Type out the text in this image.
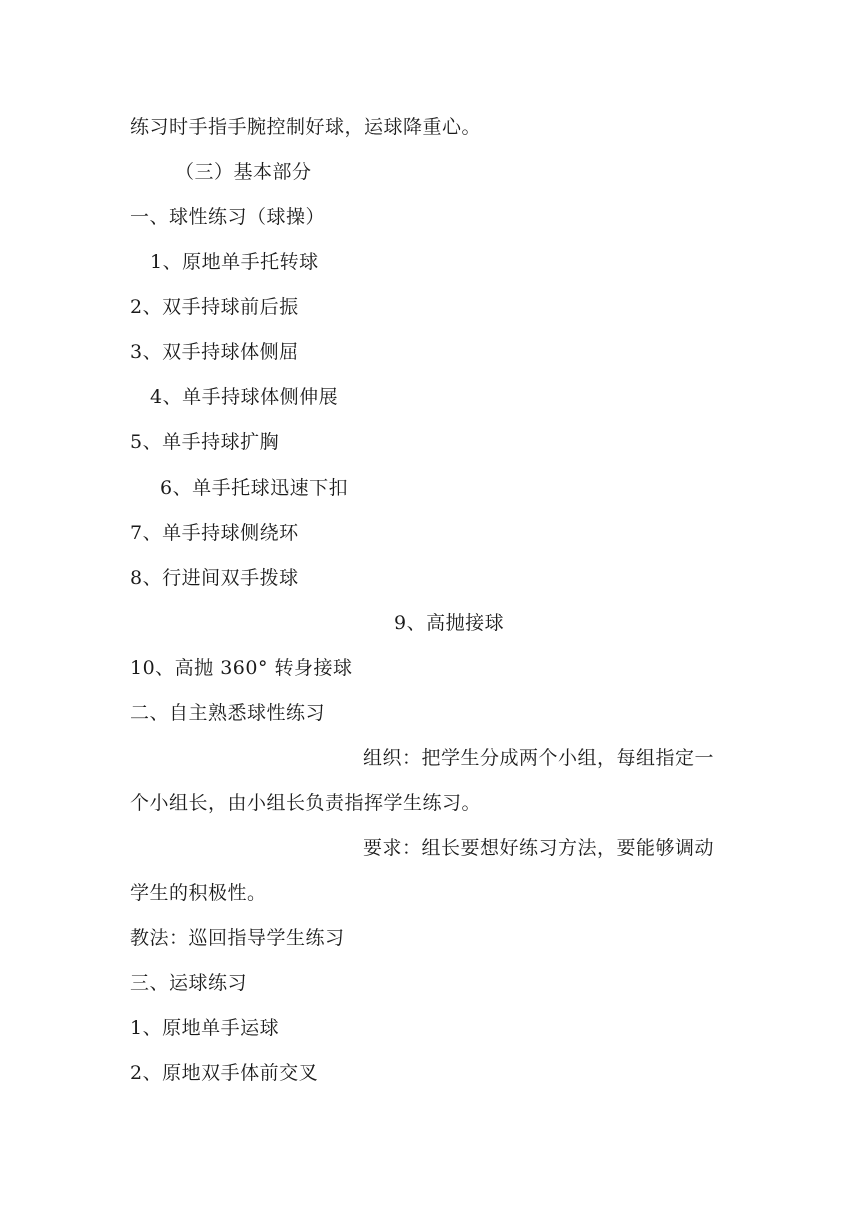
练习时手指手腕控制好球，运球降重心。
（三）基本部分
一、球性练习（球操）
1、原地单手托转球
2、双手持球前后振
3、双手持球体侧屈
4、单手持球体侧伸展
5、单手持球扩胸
6、单手托球迅速下扣
7、单手持球侧绕环
8、行进间双手拨球
9、高抛接球
10、高抛 360° 转身接球
二、自主熟悉球性练习
组织：把学生分成两个小组，每组指定一
个小组长，由小组长负责指挥学生练习。
要求：组长要想好练习方法，要能够调动
学生的积极性。
教法：巡回指导学生练习
三、运球练习
1、原地单手运球
2、原地双手体前交叉
